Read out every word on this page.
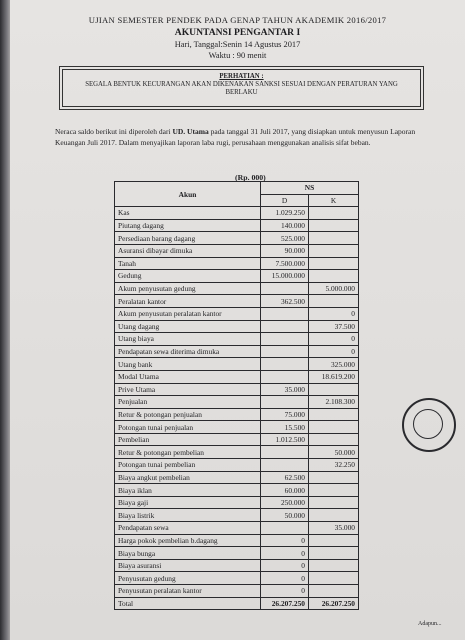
UJIAN SEMESTER PENDEK PADA GENAP TAHUN AKADEMIK 2016/2017
AKUNTANSI PENGANTAR I
Hari, Tanggal:Senin 14 Agustus 2017
Waktu : 90 menit
PERHATIAN :
SEGALA BENTUK KECURANGAN AKAN DIKENAKAN SANKSI SESUAI DENGAN PERATURAN YANG BERLAKU
Neraca saldo berikut ini diperoleh dari UD. Utama pada tanggal 31 Juli 2017, yang disiapkan untuk menyusun Laporan Keuangan Juli 2017. Dalam menyajikan laporan laba rugi, perusahaan menggunakan analisis sifat beban.
(Rp. 000)
Akun	NS	
	D	K
Kas	1.029.250	
Piutang dagang	140.000	
Persediaan barang dagang	525.000	
Asuransi dibayar dimuka	90.000	
Tanah	7.500.000	
Gedung	15.000.000	
Akum penyusutan gedung		5.000.000
Peralatan kantor	362.500	
Akum penyusutan peralatan kantor		0
Utang dagang		37.500
Utang biaya		0
Pendapatan sewa diterima dimuka		0
Utang bank		325.000
Modal Utama		18.619.200
Prive Utama	35.000	
Penjualan		2.108.300
Retur & potongan penjualan	75.000	
Potongan tunai penjualan	15.500	
Pembelian	1.012.500	
Retur & potongan pembelian		50.000
Potongan tunai pembelian		32.250
Biaya angkut pembelian	62.500	
Biaya iklan	60.000	
Biaya gaji	250.000	
Biaya listrik	50.000	
Pendapatan sewa		35.000
Harga pokok pembelian b.dagang	0	
Biaya bunga	0	
Biaya asuransi	0	
Penyusutan gedung	0	
Penyusutan peralatan kantor	0	
Total	26.207.250	26.207.250
Adapun...
